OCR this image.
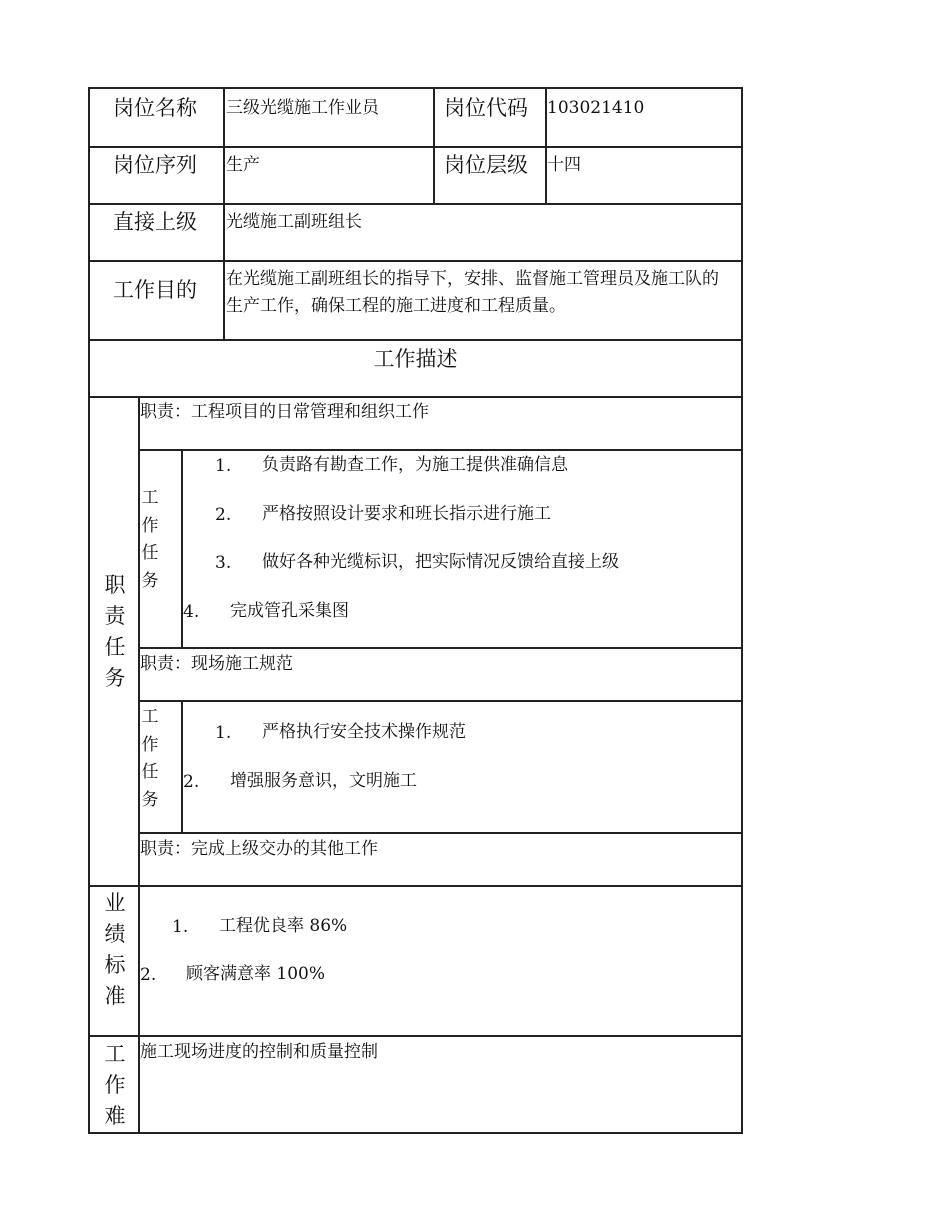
岗位名称 三级光缆施工作业员	岗位代码 103021410
岗位序列 生产	岗位层级 十四
直接上级 光缆施工副班组长
工作目的 在光缆施工副班组长的指导下，安排、监督施工管理员及施工队的生产工作，确保工程的施工进度和工程质量。
工作描述
职责任务
职责：工程项目的日常管理和组织工作
工作任务
1. 负责路有勘查工作，为施工提供准确信息
2. 严格按照设计要求和班长指示进行施工
3. 做好各种光缆标识，把实际情况反馈给直接上级
4. 完成管孔采集图
职责：现场施工规范
工作任务
1. 严格执行安全技术操作规范
2. 增强服务意识，文明施工
职责：完成上级交办的其他工作
业绩标准
1. 工程优良率 86%
2. 顾客满意率 100%
工作难
施工现场进度的控制和质量控制
